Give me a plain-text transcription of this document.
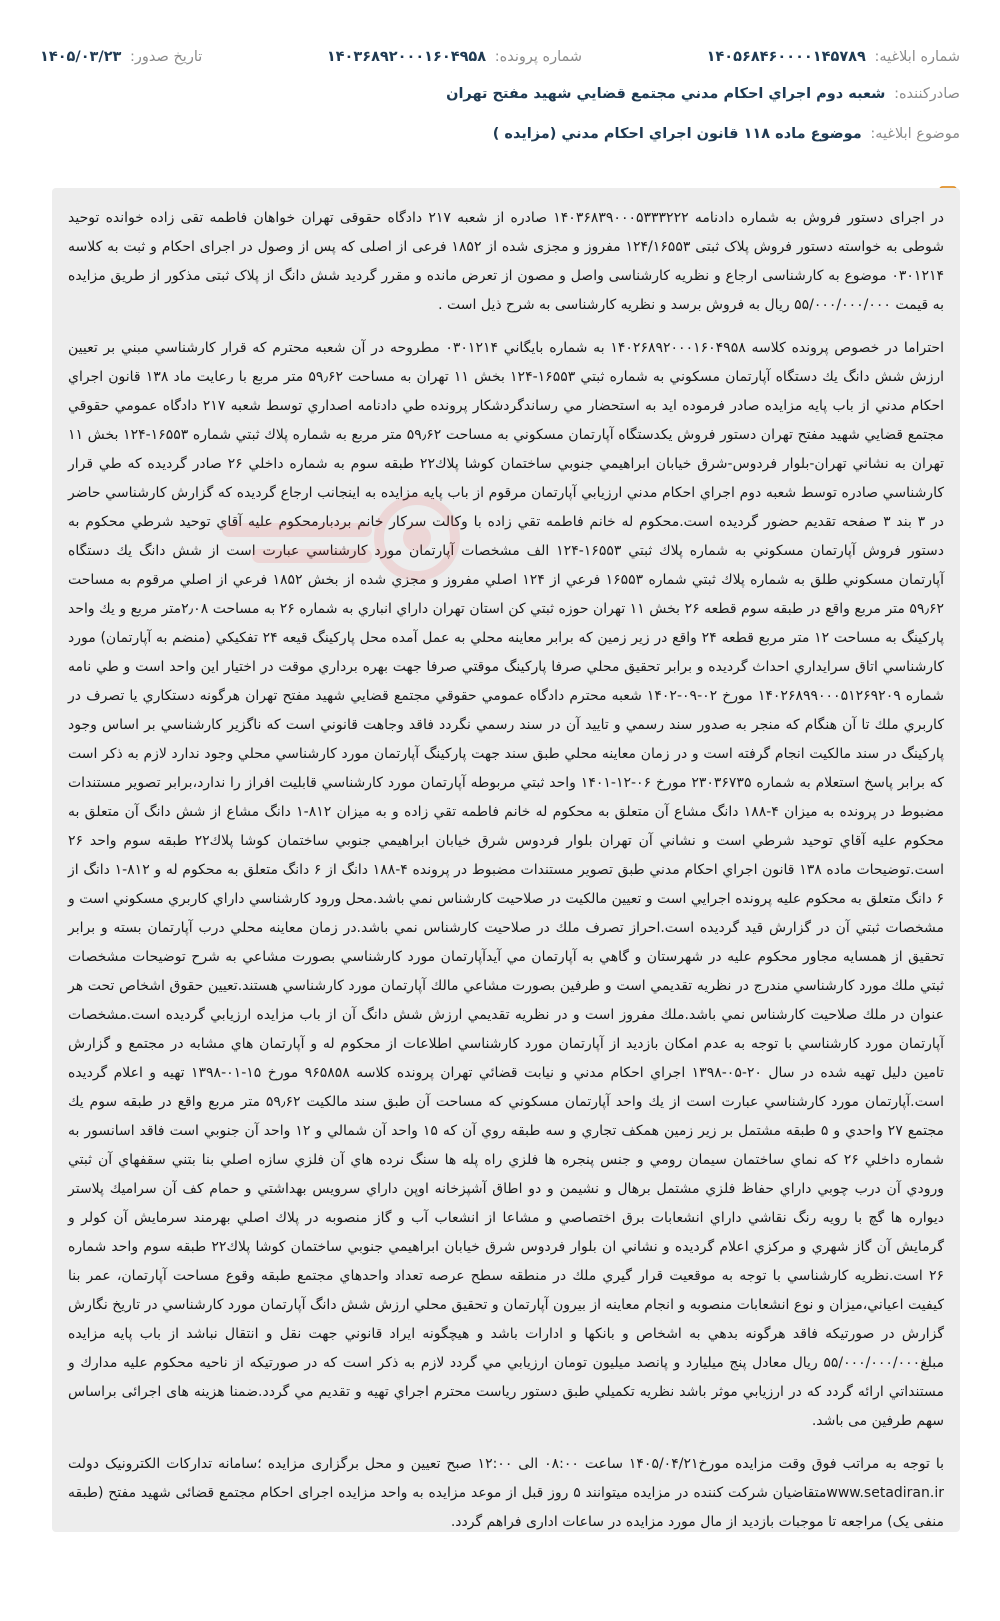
شماره ابلاغیه: ۱۴۰۵۶۸۴۶۰۰۰۰۱۴۵۷۸۹
شماره پرونده: ۱۴۰۳۶۸۹۲۰۰۰۱۶۰۴۹۵۸
تاریخ صدور: ۱۴۰۵/۰۳/۲۳
صادرکننده: شعبه دوم اجراي احكام مدني مجتمع قضايي شهيد مفتح تهران
موضوع ابلاغیه: موضوع ماده ۱۱۸ قانون اجراي احكام مدني (مزايده )

در اجرای دستور فروش به شماره دادنامه ۱۴۰۳۶۸۳۹۰۰۰۵۳۳۳۲۲۲ صادره از شعبه ۲۱۷ دادگاه حقوقی تهران خواهان فاطمه تقی زاده خوانده توحید شوطی به خواسته دستور فروش پلاک ثبتی ۱۲۴/۱۶۵۵۳ مفروز و مجزی شده از ۱۸۵۲ فرعی از اصلی که پس از وصول در اجرای احکام و ثبت به کلاسه ۰۳۰۱۲۱۴ موضوع به کارشناسی ارجاع و نظریه کارشناسی واصل و مصون از تعرض مانده و مقرر گردید شش دانگ از پلاک ثبتی مذکور از طریق مزایده به قیمت ۵۵/۰۰۰/۰۰۰/۰۰۰ ریال به فروش برسد و نظریه کارشناسی به شرح ذیل است .

احتراما در خصوص پرونده كلاسه ۱۴۰۲۶۸۹۲۰۰۰۱۶۰۴۹۵۸ به شماره بايگاني ۰۳۰۱۲۱۴ مطروحه در آن شعبه محترم كه قرار كارشناسي مبني بر تعيين ارزش شش دانگ يك دستگاه آپارتمان مسكوني به شماره ثبتي ۱۶۵۵۳-۱۲۴ بخش ۱۱ تهران به مساحت ۵۹٫۶۲ متر مربع با رعايت ماد ۱۳۸ قانون اجراي احكام مدني از باب پايه مزايده صادر فرموده ايد به استحضار مي رساندگردشكار پرونده طي دادنامه اصداري توسط شعبه ۲۱۷ دادگاه عمومي حقوقي مجتمع قضايي شهيد مفتح تهران دستور فروش يكدستگاه آپارتمان مسكوني به مساحت ۵۹٫۶۲ متر مربع به شماره پلاك ثبتي شماره ۱۶۵۵۳-۱۲۴ بخش ۱۱ تهران به نشاني تهران-بلوار فردوس-شرق خيابان ابراهيمي جنوبي ساختمان كوشا پلاك۲۲ طبقه سوم به شماره داخلي ۲۶ صادر گرديده كه طي قرار كارشناسي صادره توسط شعبه دوم اجراي احكام مدني ارزيابي آپارتمان مرقوم از باب پايه مزايده به اينجانب ارجاع گرديده كه گزارش كارشناسي حاضر در ۳ بند ۳ صفحه تقديم حضور گرديده است.محكوم له خانم فاطمه تقي زاده با وكالت سركار خانم بردبارمحكوم عليه آقاي توحيد شرطي محكوم به دستور فروش آپارتمان مسكوني به شماره پلاك ثبتي ۱۶۵۵۳-۱۲۴ الف مشخصات آپارتمان مورد كارشناسي عبارت است از شش دانگ يك دستگاه آپارتمان مسكوني طلق به شماره پلاك ثبتي شماره ۱۶۵۵۳ فرعي از ۱۲۴ اصلي مفروز و مجزي شده از بخش ۱۸۵۲ فرعي از اصلي مرقوم به مساحت ۵۹٫۶۲ متر مربع واقع در طبقه سوم قطعه ۲۶ بخش ۱۱ تهران حوزه ثبتي كن استان تهران داراي انباري به شماره ۲۶ به مساحت ۲٫۰۸متر مربع و يك واحد پاركينگ به مساحت ۱۲ متر مربع قطعه ۲۴ واقع در زير زمين كه برابر معاينه محلي به عمل آمده محل پاركينگ قيعه ۲۴ تفكيكي (منضم به آپارتمان) مورد كارشناسي اتاق سرايداري احداث گرديده و برابر تحقيق محلي صرفا پاركينگ موقتي صرفا جهت بهره برداري موقت در اختيار اين واحد است و طي نامه شماره ۱۴۰۲۶۸۹۹۰۰۰۵۱۲۶۹۲۰۹ مورخ ۰۲-۰۹-۱۴۰۲ شعبه محترم دادگاه عمومي حقوقي مجتمع قضايي شهيد مفتح تهران هرگونه دستكاري يا تصرف در كاربري ملك تا آن هنگام كه منجر به صدور سند رسمي و تاييد آن در سند رسمي نگردد فاقد وجاهت قانوني است كه ناگزير كارشناسي بر اساس وجود پاركينگ در سند مالكيت انجام گرفته است و در زمان معاينه محلي طبق سند جهت پاركينگ آپارتمان مورد كارشناسي محلي وجود ندارد لازم به ذكر است كه برابر پاسخ استعلام به شماره ۲۳۰۳۶۷۳۵ مورخ ۰۶-۱۲-۱۴۰۱ واحد ثبتي مربوطه آپارتمان مورد كارشناسي قابليت افراز را ندارد،برابر تصوير مستندات مضبوط در پرونده به ميزان ۴-۱۸۸ دانگ مشاع آن متعلق به محكوم له خانم فاطمه تقي زاده و به ميزان ۸۱۲-۱ دانگ مشاع از شش دانگ آن متعلق به محكوم عليه آقاي توحيد شرطي است و نشاني آن تهران بلوار فردوس شرق خيابان ابراهيمي جنوبي ساختمان كوشا پلاك۲۲ طبقه سوم واحد ۲۶ است.توضيحات ماده ۱۳۸ قانون اجراي احكام مدني طبق تصوير مستندات مضبوط در پرونده ۴-۱۸۸ دانگ از ۶ دانگ متعلق به محكوم له و ۸۱۲-۱ دانگ از ۶ دانگ متعلق به محكوم عليه پرونده اجرايي است و تعيين مالكيت در صلاحيت كارشناس نمي باشد.محل ورود كارشناسي داراي كاربري مسكوني است و مشخصات ثبتي آن در گزارش قيد گرديده است.احراز تصرف ملك در صلاحيت كارشناس نمي باشد.در زمان معاينه محلي درب آپارتمان بسته و برابر تحقيق از همسايه مجاور محكوم عليه در شهرستان و گاهي به آپارتمان مي آيدآپارتمان مورد كارشناسي بصورت مشاعي به شرح توضيحات مشخصات ثبتي ملك مورد كارشناسي مندرج در نظريه تقديمي است و طرفين بصورت مشاعي مالك آپارتمان مورد كارشناسي هستند.تعيين حقوق اشخاص تحت هر عنوان در ملك صلاحيت كارشناس نمي باشد.ملك مفروز است و در نظريه تقديمي ارزش شش دانگ آن از باب مزايده ارزيابي گرديده است.مشخصات آپارتمان مورد كارشناسي با توجه به عدم امكان بازديد از آپارتمان مورد كارشناسي اطلاعات از محكوم له و آپارتمان هاي مشابه در مجتمع و گزارش تامين دليل تهيه شده در سال ۲۰-۰۵-۱۳۹۸ اجراي احكام مدني و نيابت قضائي تهران پرونده كلاسه ۹۶۵۸۵۸ مورخ ۱۵-۰۱-۱۳۹۸ تهيه و اعلام گرديده است.آپارتمان مورد كارشناسي عبارت است از يك واحد آپارتمان مسكوني كه مساحت آن طبق سند مالكيت ۵۹٫۶۲ متر مربع واقع در طبقه سوم يك مجتمع ۲۷ واحدي و ۵ طبقه مشتمل بر زير زمين همكف تجاري و سه طبقه روي آن كه ۱۵ واحد آن شمالي و ۱۲ واحد آن جنوبي است فاقد اسانسور به شماره داخلي ۲۶ كه نماي ساختمان سيمان رومي و جنس پنجره ها فلزي راه پله ها سنگ نرده هاي آن فلزي سازه اصلي بنا بتني سقفهاي آن ثبتي ورودي آن درب چوبي داراي حفاظ فلزي مشتمل برهال و نشيمن و دو اطاق آشپزخانه اوپن داراي سرويس بهداشتي و حمام كف آن سراميك پلاستر ديواره ها گچ با رويه رنگ نقاشي داراي انشعابات برق اختصاصي و مشاعا از انشعاب آب و گاز منصوبه در پلاك اصلي بهرمند سرمايش آن كولر و گرمايش آن گاز شهري و مركزي اعلام گرديده و نشاني ان بلوار فردوس شرق خيابان ابراهيمي جنوبي ساختمان كوشا پلاك۲۲ طبقه سوم واحد شماره ۲۶ است.نظريه كارشناسي با توجه به موقعيت قرار گيري ملك در منطقه سطح عرصه تعداد واحدهاي مجتمع طبقه وقوع مساحت آپارتمان، عمر بنا كيفيت اعياني،ميزان و نوع انشعابات منصوبه و انجام معاينه از بيرون آپارتمان و تحقيق محلي ارزش شش دانگ آپارتمان مورد كارشناسي در تاريخ نگارش گزارش در صورتيكه فاقد هرگونه بدهي به اشخاص و بانكها و ادارات باشد و هيچگونه ايراد قانوني جهت نقل و انتقال نباشد از باب پايه مزايده مبلغ۵۵/۰۰۰/۰۰۰/۰۰۰ ريال معادل پنج ميليارد و پانصد ميليون تومان ارزيابي مي گردد لازم به ذكر است كه در صورتيكه از ناحيه محكوم عليه مدارك و مستنداتي ارائه گردد كه در ارزيابي موثر باشد نظريه تكميلي طبق دستور رياست محترم اجراي تهيه و تقديم مي گردد.ضمنا هزينه های اجرائی براساس سهم طرفین می باشد.

با توجه به مراتب فوق وقت مزایده مورخ۱۴۰۵/۰۴/۲۱ ساعت ۰۸:۰۰ الی ۱۲:۰۰ صبح تعیین و محل برگزاری مزایده ؛سامانه تدارکات الکترونیک دولت www.setadiran.irمتقاضیان شرکت کننده در مزایده میتوانند ۵ روز قبل از موعد مزایده به واحد مزایده اجرای احکام مجتمع قضائی شهید مفتح (طبقه منفی یک) مراجعه تا موجبات بازدید از مال مورد مزایده در ساعات اداری فراهم گردد.
